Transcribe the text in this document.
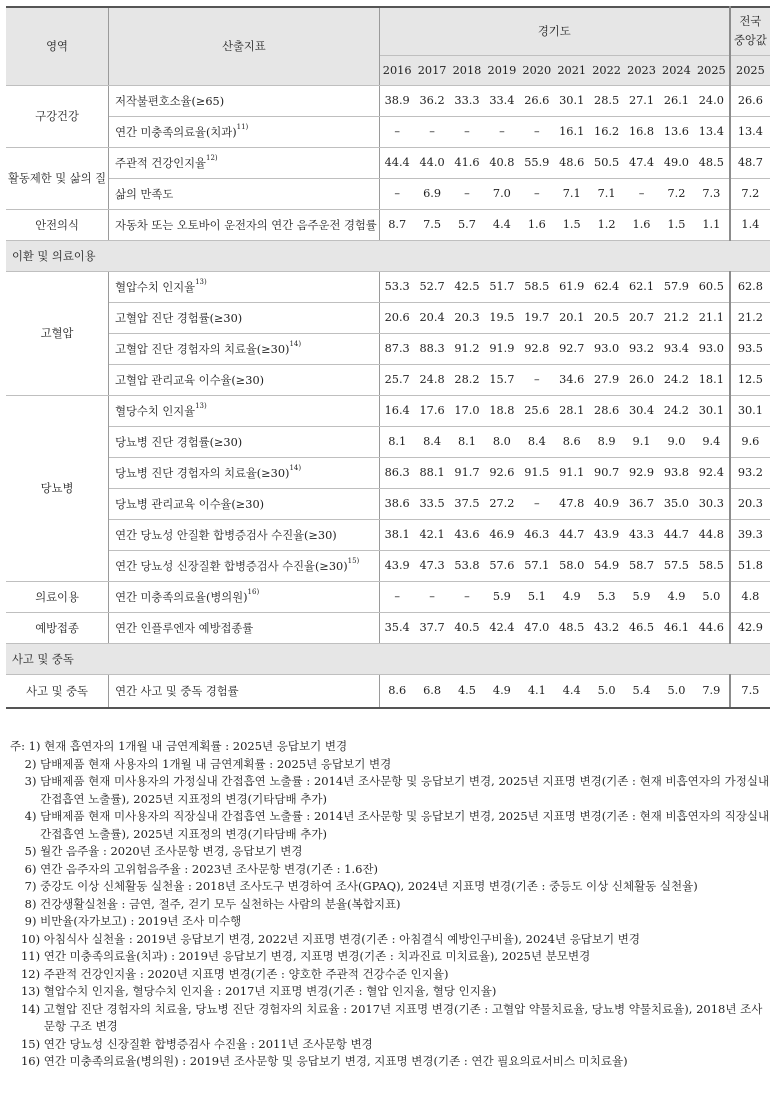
영역	산출지표	경기도										전국
중앙값
		2016	2017	2018	2019	2020	2021	2022	2023	2024	2025	2025
구강건강	저작불편호소율(≥65)	38.9	36.2	33.3	33.4	26.6	30.1	28.5	27.1	26.1	24.0	26.6
	연간 미충족의료율(치과)$^{11)}$	–	–	–	–	–	16.1	16.2	16.8	13.6	13.4	13.4
활동제한 및 삶의 질	주관적 건강인지율$^{12)}$	44.4	44.0	41.6	40.8	55.9	48.6	50.5	47.4	49.0	48.5	48.7
	삶의 만족도	–	6.9	–	7.0	–	7.1	7.1	–	7.2	7.3	7.2
안전의식	자동차 또는 오토바이 운전자의 연간 음주운전 경험률	8.7	7.5	5.7	4.4	1.6	1.5	1.2	1.6	1.5	1.1	1.4
이환 및 의료이용												
고혈압	혈압수치 인지율$^{13)}$	53.3	52.7	42.5	51.7	58.5	61.9	62.4	62.1	57.9	60.5	62.8
	고혈압 진단 경험률(≥30)	20.6	20.4	20.3	19.5	19.7	20.1	20.5	20.7	21.2	21.1	21.2
	고혈압 진단 경험자의 치료율(≥30)$^{14)}$	87.3	88.3	91.2	91.9	92.8	92.7	93.0	93.2	93.4	93.0	93.5
	고혈압 관리교육 이수율(≥30)	25.7	24.8	28.2	15.7	–	34.6	27.9	26.0	24.2	18.1	12.5
당뇨병	혈당수치 인지율$^{13)}$	16.4	17.6	17.0	18.8	25.6	28.1	28.6	30.4	24.2	30.1	30.1
	당뇨병 진단 경험률(≥30)	8.1	8.4	8.1	8.0	8.4	8.6	8.9	9.1	9.0	9.4	9.6
	당뇨병 진단 경험자의 치료율(≥30)$^{14)}$	86.3	88.1	91.7	92.6	91.5	91.1	90.7	92.9	93.8	92.4	93.2
	당뇨병 관리교육 이수율(≥30)	38.6	33.5	37.5	27.2	–	47.8	40.9	36.7	35.0	30.3	20.3
	연간 당뇨성 안질환 합병증검사 수진율(≥30)	38.1	42.1	43.6	46.9	46.3	44.7	43.9	43.3	44.7	44.8	39.3
	연간 당뇨성 신장질환 합병증검사 수진율(≥30)$^{15)}$	43.9	47.3	53.8	57.6	57.1	58.0	54.9	58.7	57.5	58.5	51.8
의료이용	연간 미충족의료율(병의원)$^{16)}$	–	–	–	5.9	5.1	4.9	5.3	5.9	4.9	5.0	4.8
예방접종	연간 인플루엔자 예방접종률	35.4	37.7	40.5	42.4	47.0	48.5	43.2	46.5	46.1	44.6	42.9
사고 및 중독												
사고 및 중독	연간 사고 및 중독 경험률	8.6	6.8	4.5	4.9	4.1	4.4	5.0	5.4	5.0	7.9	7.5
주: 1) 현재 흡연자의 1개월 내 금연계획률 : 2025년 응답보기 변경
2) 담배제품 현재 사용자의 1개월 내 금연계획률 : 2025년 응답보기 변경
3) 담배제품 현재 미사용자의 가정실내 간접흡연 노출률 : 2014년 조사문항 및 응답보기 변경, 2025년 지표명 변경(기존 : 현재 비흡연자의 가정실내 간접흡연 노출률), 2025년 지표정의 변경(기타담배 추가)
4) 담배제품 현재 미사용자의 직장실내 간접흡연 노출률 : 2014년 조사문항 및 응답보기 변경, 2025년 지표명 변경(기존 : 현재 비흡연자의 직장실내 간접흡연 노출률), 2025년 지표정의 변경(기타담배 추가)
5) 월간 음주율 : 2020년 조사문항 변경, 응답보기 변경
6) 연간 음주자의 고위험음주율 : 2023년 조사문항 변경(기존 : 1.6잔)
7) 중강도 이상 신체활동 실천율 : 2018년 조사도구 변경하여 조사(GPAQ), 2024년 지표명 변경(기존 : 중등도 이상 신체활동 실천율)
8) 건강생활실천율 : 금연, 절주, 걷기 모두 실천하는 사람의 분율(복합지표)
9) 비만율(자가보고) : 2019년 조사 미수행
10) 아침식사 실천율 : 2019년 응답보기 변경, 2022년 지표명 변경(기존 : 아침결식 예방인구비율), 2024년 응답보기 변경
11) 연간 미충족의료율(치과) : 2019년 응답보기 변경, 지표명 변경(기존 : 치과진료 미치료율), 2025년 분모변경
12) 주관적 건강인지율 : 2020년 지표명 변경(기존 : 양호한 주관적 건강수준 인지율)
13) 혈압수치 인지율, 혈당수치 인지율 : 2017년 지표명 변경(기존 : 혈압 인지율, 혈당 인지율)
14) 고혈압 진단 경험자의 치료율, 당뇨병 진단 경험자의 치료율 : 2017년 지표명 변경(기존 : 고혈압 약물치료율, 당뇨병 약물치료율), 2018년 조사문항 구조 변경
15) 연간 당뇨성 신장질환 합병증검사 수진율 : 2011년 조사문항 변경
16) 연간 미충족의료율(병의원) : 2019년 조사문항 및 응답보기 변경, 지표명 변경(기존 : 연간 필요의료서비스 미치료율)
